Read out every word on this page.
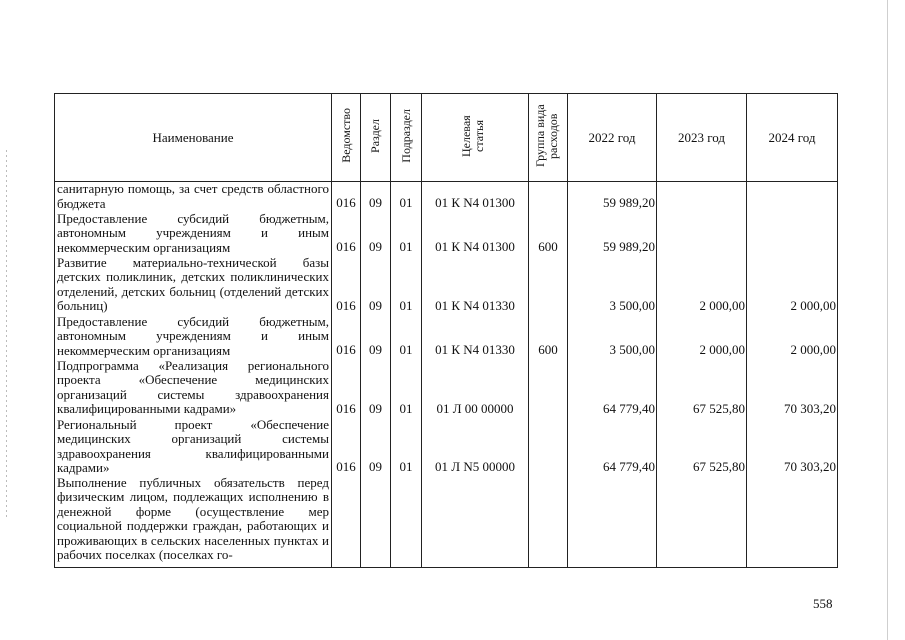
Наименование	Ведомство	Раздел	Подраздел	Целевая статья	Группа вида расходов	2022 год	2023 год	2024 год
санитарную помощь, за счет средств областного бюджета	016	09	01	01 К N4 01300		59 989,20		
Предоставление субсидий бюджетным, автономным учреждениям и иным некоммерческим организациям	016	09	01	01 К N4 01300	600	59 989,20		
Развитие материально-технической базы детских поликлиник, детских поликлинических отделений, детских больниц (отделений детских больниц)	016	09	01	01 К N4 01330		3 500,00	2 000,00	2 000,00
Предоставление субсидий бюджетным, автономным учреждениям и иным некоммерческим организациям	016	09	01	01 К N4 01330	600	3 500,00	2 000,00	2 000,00
Подпрограмма «Реализация регионального проекта «Обеспечение медицинских организаций системы здравоохранения квалифицированными кадрами»	016	09	01	01 Л 00 00000		64 779,40	67 525,80	70 303,20
Региональный проект «Обеспечение медицинских организаций системы здравоохранения квалифицированными кадрами»	016	09	01	01 Л N5 00000		64 779,40	67 525,80	70 303,20
Выполнение публичных обязательств перед физическим лицом, подлежащих исполнению в денежной форме (осуществление мер социальной поддержки граждан, работающих и проживающих в сельских населенных пунктах и рабочих поселках (поселках го-								
558
